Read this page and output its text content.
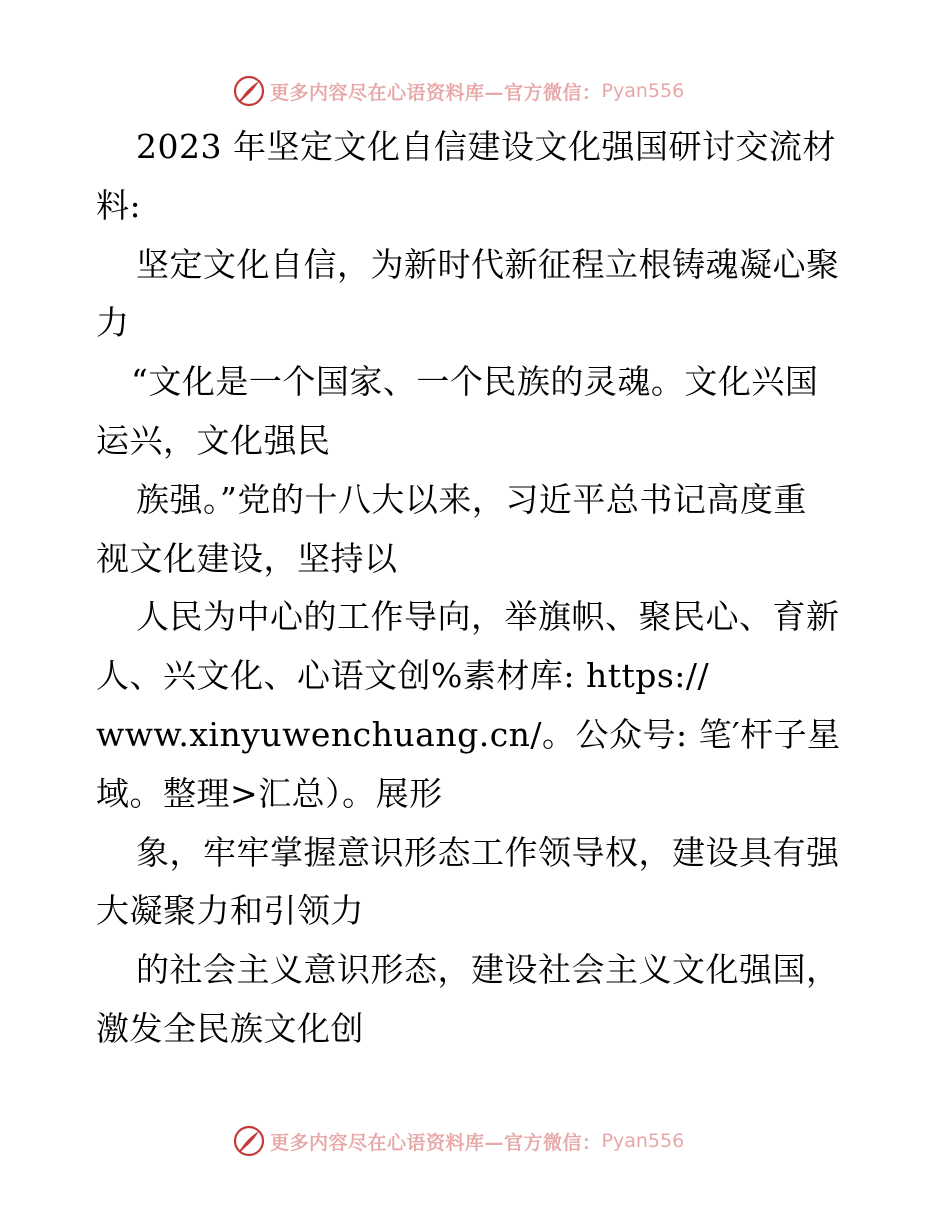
更多内容尽在心语资料库—官方微信： Pyan556
2023 年坚定文化自信建设文化强国研讨交流材
料:
坚定文化自信，为新时代新征程立根铸魂凝心聚
力
“文化是一个国家、一个民族的灵魂。文化兴国
运兴，文化强民
族强。”党的十八大以来，习近平总书记高度重
视文化建设，坚持以
人民为中心的工作导向，举旗帜、聚民心、育新
人、兴文化、心语文创%素材库: https://
www.xinyuwenchuang.cn/。公众号: 笔′杆子星
域。整理>汇总）。展形
象，牢牢掌握意识形态工作领导权，建设具有强
大凝聚力和引领力
的社会主义意识形态，建设社会主义文化强国，
激发全民族文化创
更多内容尽在心语资料库—官方微信： Pyan556
